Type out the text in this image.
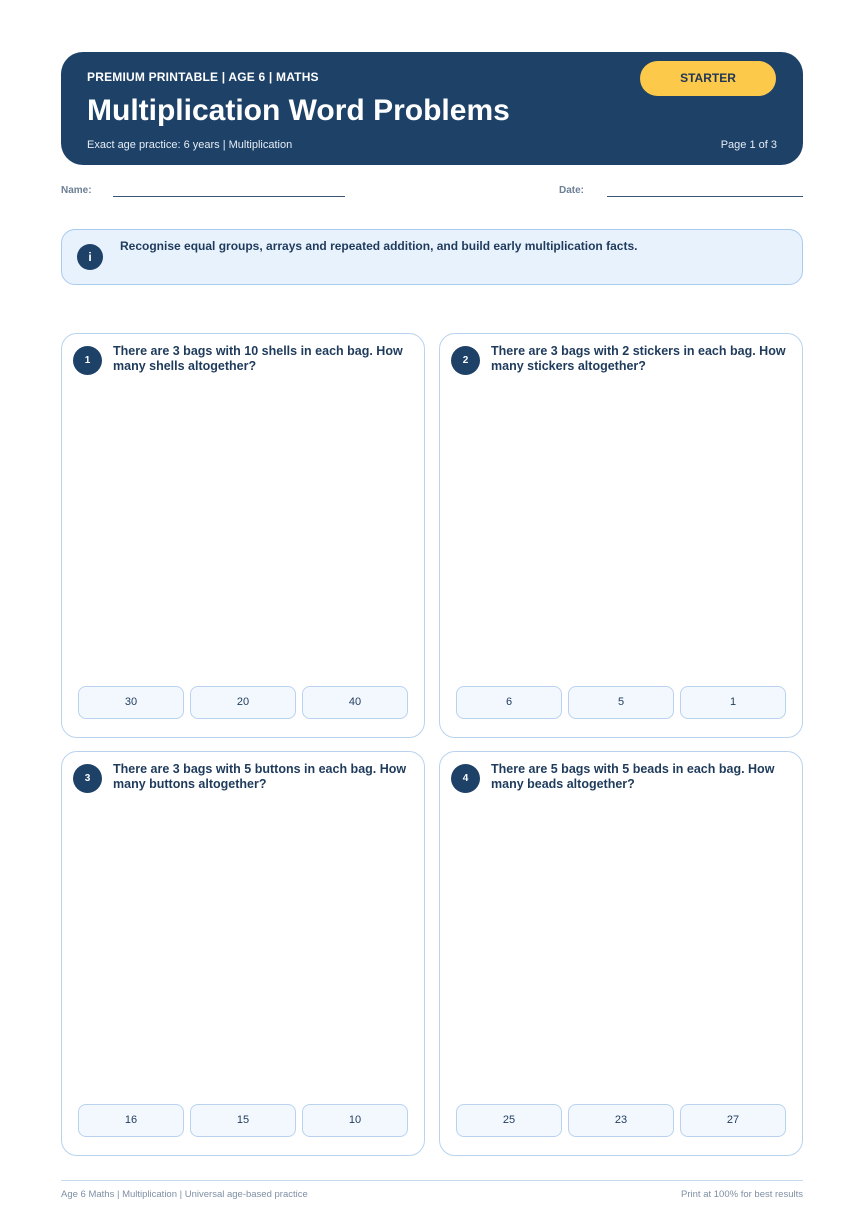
PREMIUM PRINTABLE | AGE 6 | MATHS
Multiplication Word Problems
Exact age practice: 6 years | Multiplication	Page 1 of 3
STARTER
Name:	Date:
i
Recognise equal groups, arrays and repeated addition, and build early multiplication facts.
1
There are 3 bags with 10 shells in each bag. How many shells altogether?
30	20	40
2
There are 3 bags with 2 stickers in each bag. How many stickers altogether?
6	5	1
3
There are 3 bags with 5 buttons in each bag. How many buttons altogether?
16	15	10
4
There are 5 bags with 5 beads in each bag. How many beads altogether?
25	23	27
Age 6 Maths | Multiplication | Universal age-based practice	Print at 100% for best results
